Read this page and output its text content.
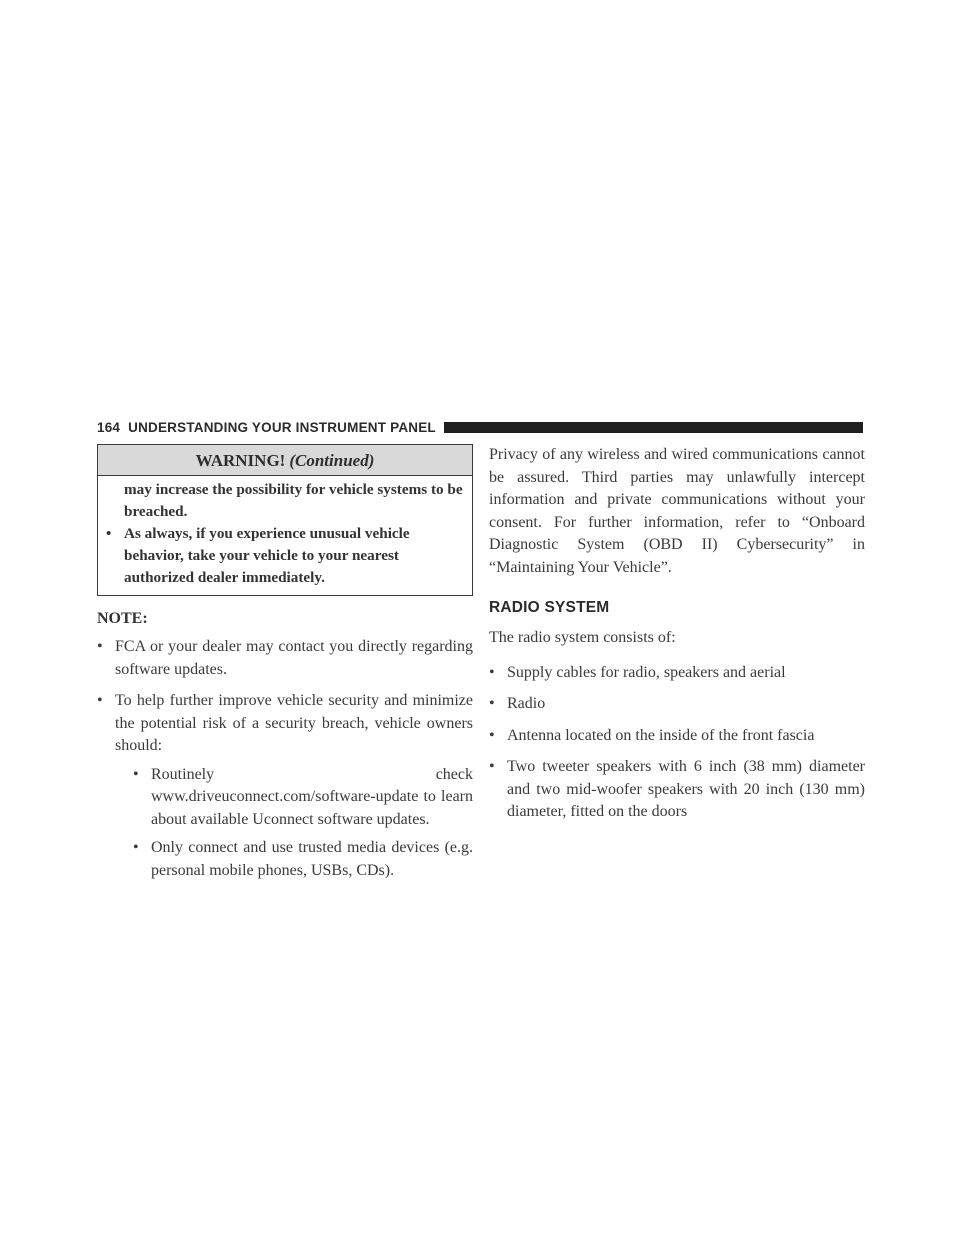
164 UNDERSTANDING YOUR INSTRUMENT PANEL
WARNING! (Continued)
may increase the possibility for vehicle systems to be breached.
• As always, if you experience unusual vehicle behavior, take your vehicle to your nearest authorized dealer immediately.
NOTE:
• FCA or your dealer may contact you directly regarding software updates.
• To help further improve vehicle security and minimize the potential risk of a security breach, vehicle owners should:
• Routinely check www.driveuconnect.com/software-update to learn about available Uconnect software updates.
• Only connect and use trusted media devices (e.g. personal mobile phones, USBs, CDs).
Privacy of any wireless and wired communications cannot be assured. Third parties may unlawfully intercept information and private communications without your consent. For further information, refer to “Onboard Diagnostic System (OBD II) Cybersecurity” in “Maintaining Your Vehicle”.
RADIO SYSTEM
The radio system consists of:
• Supply cables for radio, speakers and aerial
• Radio
• Antenna located on the inside of the front fascia
• Two tweeter speakers with 6 inch (38 mm) diameter and two mid-woofer speakers with 20 inch (130 mm) diameter, fitted on the doors
